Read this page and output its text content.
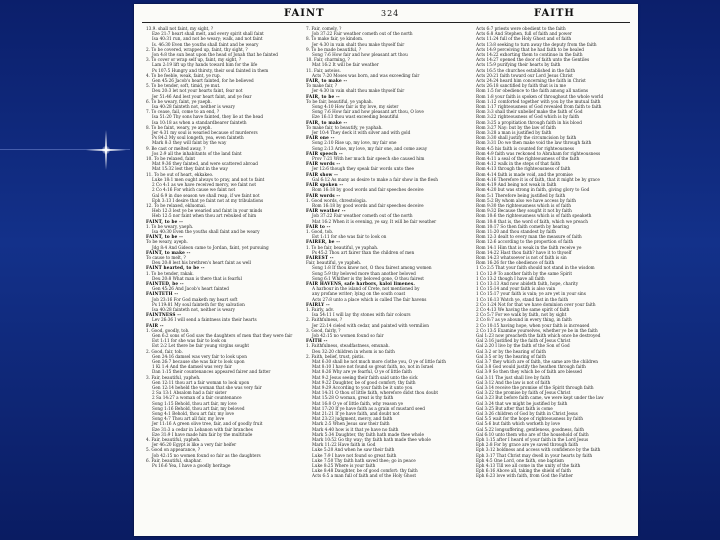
FAINT	324	FAITH
13.9. shall not faint, my sight, ?
Eze 21:7 heart shall melt, and every spirit shall faint
Isa 40:31 run, and not be weary; walk, and not faint
Is. 46:30 Even the youths shall faint and be weary
2. To be covered, wrapped up, faint, thy sight, ?
Jon 4:8 the sun beat upon the head of Jonah that he fainted
3. To cover or wrap self up, faint, my sight, ?
Lam 2:19 lift up thy hands toward him for the life
Ps 107:5 Hungry and thirsty, their soul fainted in them
4. To be feeble, weak, faint, ye rup.
Gen 45:26 Jacob's heart fainted, for he believed
5. To be tender, soft, timid, ye mut.
Deu 20:3 let not your hearts faint, fear not
Jer 51:46 And lest your heart faint, and ye fear
6. To be weary, faint, ye yaeph.
Isa 40:28 fainteth not, neither is weary
7. To cease, fail, come to an end, ?
Isa 51:20 Thy sons have fainted, they lie at the head
Isa 10:18 as when a standardbearer fainteth
8. To be faint, weary, ye ayeph.
Jer 4:31 my soul is wearied because of murderers
Ps 84:2 My soul longeth, yea, even fainteth
Mark 8:3 they will faint by the way
9. Be cast or melted away, ?
Jos 2:9 all the inhabitants of the land faint
10. To be relaxed, faint
Mat 9:36 they fainted, and were scattered abroad
Mat 15:32 lest they faint in the way
11. To be out of heart, ekkakeo.
Luke 18:1 men ought always to pray, and not to faint
2 Co 4:1 as we have received mercy, we faint not
2 Co 4:16 For which cause we faint not
Gal 6:9 in due season we shall reap, if we faint not
Eph 3:13 I desire that ye faint not at my tribulations
12. To be relaxed, ekluomai.
Heb 12:3 lest ye be wearied and faint in your minds
Heb 12:5 nor faint when thou art rebuked of him
FAINT, to be --
1. To be weary, yaeph.
Isa 40:30 Even the youths shall faint and be weary
FAINT, to be --
To be weary, ayeph.
Jdg 8:4 And Gideon came to Jordan, faint, yet pursuing
FAINT, to make --
To cause to melt, ?
Deu 20:8 lest his brethren's heart faint as well
FAINT hearted, to be --
1. To be tender, rakak.
Deu 20:8 What man is there that is fearful
FAINTED, be --
Gen 45:26 And Jacob's heart fainted
FAINTETH --
Job 23:16 For God maketh my heart soft
Ps 119:81 My soul fainteth for thy salvation
Isa 40:28 fainteth not, neither is weary
FAINTNESS --
Lev 26:36 I will send a faintness into their hearts
FAIR --
1. Good, goodly, tob.
Gen 6:2 sons of God saw the daughters of men that they were fair
Est 1:11 for she was fair to look on
Est 2:2 Let there be fair young virgins sought
2. Good, fair, tob.
Gen 24:16 damsel was very fair to look upon
Gen 26:7 because she was fair to look upon
1 Ki 1:4 And the damsel was very fair
Dan 1:15 their countenances appeared fairer and fatter
3. Fair, beautiful, yapheh.
Gen 12:11 thou art a fair woman to look upon
Gen 12:14 beheld the woman that she was very fair
2 Sa 13:1 Absalom had a fair sister
2 Sa 14:27 a woman of a fair countenance
Song 1:15 Behold, thou art fair, my love
Song 1:16 Behold, thou art fair, my beloved
Song 4:1 Behold, thou art fair, my love
Song 4:7 Thou art all fair, my love
Jer 11:16 A green olive tree, fair, and of goodly fruit
Eze 31:3 a cedar in Lebanon with fair branches
Eze 31:9 I have made him fair by the multitude
4. Fair, beautiful, yapheh.
Jer 46:20 Egypt is like a very fair heifer
5. Good on appearance, ?
Job 42:15 no women found so fair as the daughters
6. Fair, beautiful, shaphar.
Ps 16:6 Yea, I have a goodly heritage
7. Fair, comely, ?
Job 37:22 Fair weather cometh out of the north
8. To make fair, ye kindom.
Jer 4:30 in vain shalt thou make thyself fair
9. To be made beautiful, ?
Song 7:6 How fair and how pleasant art thou
10. Fair, charming, ?
Mat 16:2 It will be fair weather
11. Fair, asteios.
Acts 7:20 Moses was born, and was exceeding fair
FAIR, to make --
To make fair, ?
Jer 4:30 in vain shalt thou make thyself fair
FAIR, to be --
To be fair, beautiful, ye yaphah.
Song 4:10 How fair is thy love, my sister
Song 7:6 How fair and how pleasant art thou, O love
Eze 16:13 thou wast exceeding beautiful
FAIR, to make --
To make fair, to beautify, ye yaphah.
Jer 10:4 They deck it with silver and with gold
FAIR one --
Song 2:10 Rise up, my love, my fair one
Song 2:13 Arise, my love, my fair one, and come away
FAIR speech --
Prov 7:21 With her much fair speech she caused him
FAIR words --
Jer 12:6 though they speak fair words unto thee
FAIR show --
Gal 6:12 As many as desire to make a fair show in the flesh
FAIR spoken --
Rom 16:18 by good words and fair speeches deceive
FAIR words --
1. Good words, chrestologia.
Rom 16:18 by good words and fair speeches deceive
FAIR weather --
Job 37:22 Fair weather cometh out of the north
Mat 16:2 When it is evening, ye say, It will be fair weather
FAIR to --
1. Good, tob.
Est 1:11 for she was fair to look on
FAIRER, be --
1. To be fair, beautiful, ye yaphah.
Ps 45:2 Thou art fairer than the children of men
FAIREST --
Fair, beautiful, ye yapheh.
Song 1:8 If thou know not, O thou fairest among women
Song 5:9 thy beloved more than another beloved
Song 6:1 Whither is thy beloved gone, O thou fairest
FAIR HAVENS, safe harbors, kaloi limenes.
A harbour in the island of Crete, not mentioned by
any profane writer; lying on the south coast
Acts 27:8 unto a place which is called The fair havens
FAIRLY --
1. Fairly, adv.
Isa 54:11 I will lay thy stones with fair colours
2. Faithfulness, ?
Jer 22:14 cieled with cedar, and painted with vermilion
3. Good, fairly, ?
Job 42:15 no women found so fair
FAITH --
1. Faithfulness, steadfastness, emunah.
Deu 32:20 children in whom is no faith
2. Faith, belief, trust, pistis.
Mat 6:30 shall he not much more clothe you, O ye of little faith
Mat 8:10 I have not found so great faith, no, not in Israel
Mat 8:26 Why are ye fearful, O ye of little faith
Mat 9:2 Jesus seeing their faith said unto the sick
Mat 9:22 Daughter, be of good comfort; thy faith
Mat 9:29 According to your faith be it unto you
Mat 14:31 O thou of little faith, wherefore didst thou doubt
Mat 15:28 O woman, great is thy faith
Mat 16:8 O ye of little faith, why reason ye
Mat 17:20 If ye have faith as a grain of mustard seed
Mat 21:21 If ye have faith, and doubt not
Mat 23:23 judgment, mercy, and faith
Mark 2:5 When Jesus saw their faith
Mark 4:40 how is it that ye have no faith
Mark 5:34 Daughter, thy faith hath made thee whole
Mark 10:52 Go thy way; thy faith hath made thee whole
Mark 11:22 Have faith in God
Luke 5:20 And when he saw their faith
Luke 7:9 I have not found so great faith
Luke 7:50 Thy faith hath saved thee; go in peace
Luke 8:25 Where is your faith
Luke 8:48 Daughter, be of good comfort: thy faith
Acts 6:5 a man full of faith and of the Holy Ghost
Acts 6:7 priests were obedient to the faith
Acts 6:8 And Stephen, full of faith and power
Acts 11:24 full of the Holy Ghost and of faith
Acts 13:8 seeking to turn away the deputy from the faith
Acts 14:9 perceiving that he had faith to be healed
Acts 14:22 exhorting them to continue in the faith
Acts 14:27 opened the door of faith unto the Gentiles
Acts 15:9 purifying their hearts by faith
Acts 16:5 the churches established in the faith
Acts 20:21 faith toward our Lord Jesus Christ
Acts 24:24 heard him concerning the faith in Christ
Acts 26:18 sanctified by faith that is in me
Rom 1:5 for obedience to the faith among all nations
Rom 1:8 your faith is spoken of throughout the whole world
Rom 1:12 comforted together with you by the mutual faith
Rom 1:17 righteousness of God revealed from faith to faith
Rom 3:3 shall their unbelief make the faith of God
Rom 3:22 righteousness of God which is by faith
Rom 3:25 a propitiation through faith in his blood
Rom 3:27 Nay: but by the law of faith
Rom 3:28 a man is justified by faith
Rom 3:30 shall justify the circumcision by faith
Rom 3:31 Do we then make void the law through faith
Rom 4:5 his faith is counted for righteousness
Rom 4:9 faith was reckoned to Abraham for righteousness
Rom 4:11 a seal of the righteousness of the faith
Rom 4:12 walk in the steps of that faith
Rom 4:13 through the righteousness of faith
Rom 4:14 faith is made void, and the promise
Rom 4:16 Therefore it is of faith, that it might be by grace
Rom 4:19 And being not weak in faith
Rom 4:20 but was strong in faith, giving glory to God
Rom 5:1 Therefore being justified by faith
Rom 5:2 By whom also we have access by faith
Rom 9:30 the righteousness which is of faith
Rom 9:32 Because they sought it not by faith
Rom 10:6 the righteousness which is of faith speaketh
Rom 10:8 that is, the word of faith, which we preach
Rom 10:17 So then faith cometh by hearing
Rom 11:20 and thou standest by faith
Rom 12:3 dealt to every man the measure of faith
Rom 12:6 according to the proportion of faith
Rom 14:1 Him that is weak in the faith receive ye
Rom 14:22 Hast thou faith? have it to thyself
Rom 14:23 whatsoever is not of faith is sin
Rom 16:26 for the obedience of faith
1 Co 2:5 That your faith should not stand in the wisdom
1 Co 12:9 To another faith by the same Spirit
1 Co 13:2 though I have all faith
1 Co 13:13 And now abideth faith, hope, charity
1 Co 15:14 and your faith is also vain
1 Co 15:17 your faith is vain; ye are yet in your sins
1 Co 16:13 Watch ye, stand fast in the faith
2 Co 1:24 Not for that we have dominion over your faith
2 Co 4:13 We having the same spirit of faith
2 Co 5:7 For we walk by faith, not by sight
2 Co 8:7 as ye abound in every thing, in faith
2 Co 10:15 having hope, when your faith is increased
2 Co 13:5 Examine yourselves, whether ye be in the faith
Gal 1:23 now preacheth the faith which once he destroyed
Gal 2:16 justified by the faith of Jesus Christ
Gal 2:20 I live by the faith of the Son of God
Gal 3:2 or by the hearing of faith
Gal 3:5 or by the hearing of faith
Gal 3:7 they which are of faith, the same are the children
Gal 3:8 God would justify the heathen through faith
Gal 3:9 So then they which be of faith are blessed
Gal 3:11 The just shall live by faith
Gal 3:12 And the law is not of faith
Gal 3:14 receive the promise of the Spirit through faith
Gal 3:22 the promise by faith of Jesus Christ
Gal 3:23 But before faith came, we were kept under the law
Gal 3:24 that we might be justified by faith
Gal 3:25 But after that faith is come
Gal 3:26 children of God by faith in Christ Jesus
Gal 5:5 wait for the hope of righteousness by faith
Gal 5:6 but faith which worketh by love
Gal 5:22 longsuffering, gentleness, goodness, faith
Gal 6:10 unto them who are of the household of faith
Eph 1:15 after I heard of your faith in the Lord Jesus
Eph 2:8 For by grace are ye saved through faith
Eph 3:12 boldness and access with confidence by the faith
Eph 3:17 That Christ may dwell in your hearts by faith
Eph 4:5 One Lord, one faith, one baptism
Eph 4:13 Till we all come in the unity of the faith
Eph 6:16 Above all, taking the shield of faith
Eph 6:23 love with faith, from God the Father
